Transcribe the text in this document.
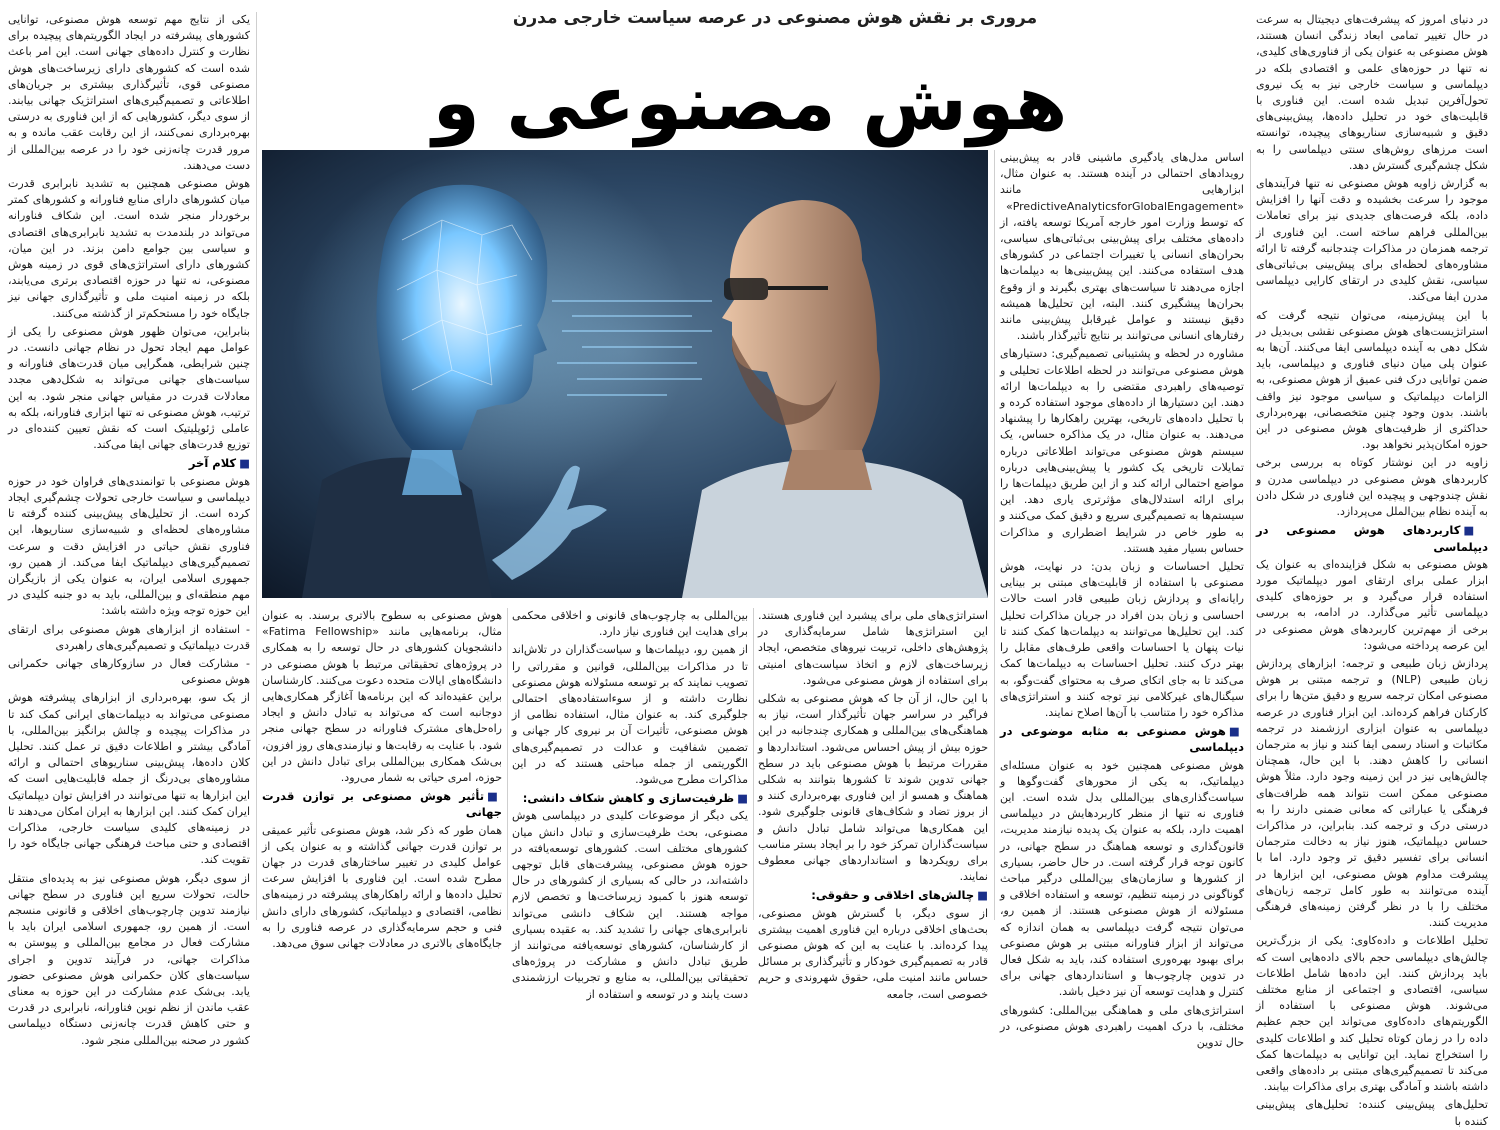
مروری بر نقش هوش مصنوعی در عرصه سیاست خارجی مدرن
هوش مصنوعی و

در دنیای امروز که پیشرفت‌های دیجیتال به سرعت در حال تغییر تمامی ابعاد زندگی انسان هستند، هوش مصنوعی به عنوان یکی از فناوری‌های کلیدی، نه تنها در حوزه‌های علمی و اقتصادی بلکه در دیپلماسی و سیاست خارجی نیز به یک نیروی تحول‌آفرین تبدیل شده است. این فناوری با قابلیت‌های خود در تحلیل داده‌ها، پیش‌بینی‌های دقیق و شبیه‌سازی سناریوهای پیچیده، توانسته است مرزهای روش‌های سنتی دیپلماسی را به شکل چشم‌گیری گسترش دهد.

به گزارش زاویه هوش مصنوعی نه تنها فرآیندهای موجود را سرعت بخشیده و دقت آنها را افزایش داده، بلکه فرصت‌های جدیدی نیز برای تعاملات بین‌المللی فراهم ساخته است. این فناوری از ترجمه همزمان در مذاکرات چندجانبه گرفته تا ارائه مشاوره‌های لحظه‌ای برای پیش‌بینی بی‌ثباتی‌های سیاسی، نقش کلیدی در ارتقای کارایی دیپلماسی مدرن ایفا می‌کند.

با این پیش‌زمینه، می‌توان نتیجه گرفت که استراتژیست‌های هوش مصنوعی نقشی بی‌بدیل در شکل دهی به آینده دیپلماسی ایفا می‌کنند. آن‌ها به عنوان پلی میان دنیای فناوری و دیپلماسی، باید ضمن توانایی درک فنی عمیق از هوش مصنوعی، به الزامات دیپلماتیک و سیاسی موجود نیز واقف باشند. بدون وجود چنین متخصصانی، بهره‌برداری حداکثری از ظرفیت‌های هوش مصنوعی در این حوزه امکان‌پذیر نخواهد بود.

زاویه در این نوشتار کوتاه به بررسی برخی کاربردهای هوش مصنوعی در دیپلماسی مدرن و نقش چندوجهی و پیچیده این فناوری در شکل دادن به آینده نظام بین‌الملل می‌پردازد.

■کاربردهای هوش مصنوعی در دیپلماسی

هوش مصنوعی به شکل فزاینده‌ای به عنوان یک ابزار عملی برای ارتقای امور دیپلماتیک مورد استفاده قرار می‌گیرد و بر حوزه‌های کلیدی دیپلماسی تأثیر می‌گذارد. در ادامه، به بررسی برخی از مهم‌ترین کاربردهای هوش مصنوعی در این عرصه پرداخته می‌شود:

پردازش زبان طبیعی و ترجمه: ابزارهای پردازش زبان طبیعی (NLP) و ترجمه مبتنی بر هوش مصنوعی امکان ترجمه سریع و دقیق متن‌ها را برای کارکنان فراهم کرده‌اند. این ابزار فناوری در عرصه دیپلماسی به عنوان ابزاری ارزشمند در ترجمه مکاتبات و اسناد رسمی ایفا کنند و نیاز به مترجمان انسانی را کاهش دهند. با این حال، همچنان چالش‌هایی نیز در این زمینه وجود دارد. مثلاً هوش مصنوعی ممکن است نتواند همه ظرافت‌های فرهنگی یا عباراتی که معانی ضمنی دارند را به درستی درک و ترجمه کند. بنابراین، در مذاکرات حساس دیپلماتیک، هنوز نیاز به دخالت مترجمان انسانی برای تفسیر دقیق تر وجود دارد. اما با پیشرفت مداوم هوش مصنوعی، این ابزارها در آینده می‌توانند به طور کامل ترجمه زبان‌های مختلف را با در نظر گرفتن زمینه‌های فرهنگی مدیریت کنند.

تحلیل اطلاعات و داده‌کاوی: یکی از بزرگ‌ترین چالش‌های دیپلماسی حجم بالای داده‌هایی است که باید پردازش کنند. این داده‌ها شامل اطلاعات سیاسی، اقتصادی و اجتماعی از منابع مختلف می‌شوند. هوش مصنوعی با استفاده از الگوریتم‌های داده‌کاوی می‌تواند این حجم عظیم داده را در زمان کوتاه تحلیل کند و اطلاعات کلیدی را استخراج نماید. این توانایی به دیپلمات‌ها کمک می‌کند تا تصمیم‌گیری‌های مبتنی بر داده‌های واقعی داشته باشند و آمادگی بهتری برای مذاکرات بیابند.

تحلیل‌های پیش‌بینی کننده: تحلیل‌های پیش‌بینی کننده با

اساس مدل‌های یادگیری ماشینی قادر به پیش‌بینی رویدادهای احتمالی در آینده هستند. به عنوان مثال، ابزارهایی مانند «PredictiveAnalyticsforGlobalEngagement» که توسط وزارت امور خارجه آمریکا توسعه یافته، از داده‌های مختلف برای پیش‌بینی بی‌ثباتی‌های سیاسی، بحران‌های انسانی یا تغییرات اجتماعی در کشورهای هدف استفاده می‌کنند. این پیش‌بینی‌ها به دیپلمات‌ها اجازه می‌دهند تا سیاست‌های بهتری بگیرند و از وقوع بحران‌ها پیشگیری کنند. البته، این تحلیل‌ها همیشه دقیق نیستند و عوامل غیرقابل پیش‌بینی مانند رفتارهای انسانی می‌توانند بر نتایج تأثیرگذار باشند.

مشاوره در لحظه و پشتیبانی تصمیم‌گیری: دستیارهای هوش مصنوعی می‌توانند در لحظه اطلاعات تحلیلی و توصیه‌های راهبردی مقتضی را به دیپلمات‌ها ارائه دهند. این دستیارها از داده‌های موجود استفاده کرده و با تحلیل داده‌های تاریخی، بهترین راهکارها را پیشنهاد می‌دهند. به عنوان مثال، در یک مذاکره حساس، یک سیستم هوش مصنوعی می‌تواند اطلاعاتی درباره تمایلات تاریخی یک کشور یا پیش‌بینی‌هایی درباره مواضع احتمالی ارائه کند و از این طریق دیپلمات‌ها را برای ارائه استدلال‌های مؤثرتری یاری دهد. این سیستم‌ها به تصمیم‌گیری سریع و دقیق کمک می‌کنند و به طور خاص در شرایط اضطراری و مذاکرات حساس بسیار مفید هستند.

تحلیل احساسات و زبان بدن: در نهایت، هوش مصنوعی با استفاده از قابلیت‌های مبتنی بر بینایی رایانه‌ای و پردازش زبان طبیعی قادر است حالات احساسی و زبان بدن افراد در جریان مذاکرات تحلیل کند. این تحلیل‌ها می‌توانند به دیپلمات‌ها کمک کنند تا نیات پنهان یا احساسات واقعی طرف‌های مقابل را بهتر درک کنند. تحلیل احساسات به دیپلمات‌ها کمک می‌کند تا به جای اتکای صرف به محتوای گفت‌وگو، به سیگنال‌های غیرکلامی نیز توجه کنند و استراتژی‌های مذاکره خود را متناسب با آن‌ها اصلاح نمایند.

■هوش مصنوعی به مثابه موضوعی در دیپلماسی

هوش مصنوعی همچنین خود به عنوان مسئله‌ای دیپلماتیک، به یکی از محورهای گفت‌وگوها و سیاست‌گذاری‌های بین‌المللی بدل شده است. این فناوری نه تنها از منظر کاربردهایش در دیپلماسی اهمیت دارد، بلکه به عنوان یک پدیده نیازمند مدیریت، قانون‌گذاری و توسعه هماهنگ در سطح جهانی، در کانون توجه قرار گرفته است. در حال حاضر، بسیاری از کشورها و سازمان‌های بین‌المللی درگیر مباحث گوناگونی در زمینه تنظیم، توسعه و استفاده اخلاقی و مسئولانه از هوش مصنوعی هستند. از همین رو، می‌توان نتیجه گرفت دیپلماسی به همان اندازه که می‌تواند از ابزار فناورانه مبتنی بر هوش مصنوعی برای بهبود بهره‌وری استفاده کند، باید به شکل فعال در تدوین چارچوب‌ها و استانداردهای جهانی برای کنترل و هدایت توسعه آن نیز دخیل باشد.

استراتژی‌های ملی و هماهنگی بین‌المللی: کشورهای مختلف، با درک اهمیت راهبردی هوش مصنوعی، در حال تدوین

استراتژی‌های ملی برای پیشبرد این فناوری هستند. این استراتژی‌ها شامل سرمایه‌گذاری در پژوهش‌های داخلی، تربیت نیروهای متخصص، ایجاد زیرساخت‌های لازم و اتخاذ سیاست‌های امنیتی برای استفاده از هوش مصنوعی می‌شود.

با این حال، از آن جا که هوش مصنوعی به شکلی فراگیر در سراسر جهان تأثیرگذار است، نیاز به هماهنگی‌های بین‌المللی و همکاری چندجانبه در این حوزه بیش از پیش احساس می‌شود. استانداردها و مقررات مرتبط با هوش مصنوعی باید در سطح جهانی تدوین شوند تا کشورها بتوانند به شکلی هماهنگ و همسو از این فناوری بهره‌برداری کنند و از بروز تضاد و شکاف‌های قانونی جلوگیری شود. این همکاری‌ها می‌تواند شامل تبادل دانش و سیاست‌گذاران تمرکز خود را بر ایجاد بستر مناسب برای رویکردها و استانداردهای جهانی معطوف نمایند.

■چالش‌های اخلاقی و حقوقی:

از سوی دیگر، با گسترش هوش مصنوعی، بحث‌های اخلاقی درباره این فناوری اهمیت بیشتری پیدا کرده‌اند. با عنایت به این که هوش مصنوعی قادر به تصمیم‌گیری خودکار و تأثیرگذاری بر مسائل حساس مانند امنیت ملی، حقوق شهروندی و حریم خصوصی است، جامعه

بین‌المللی به چارچوب‌های قانونی و اخلاقی محکمی برای هدایت این فناوری نیاز دارد.

از همین رو، دیپلمات‌ها و سیاست‌گذاران در تلاش‌اند تا در مذاکرات بین‌المللی، قوانین و مقرراتی را تصویب نمایند که بر توسعه مسئولانه هوش مصنوعی نظارت داشته و از سوءاستفاده‌های احتمالی جلوگیری کند. به عنوان مثال، استفاده نظامی از هوش مصنوعی، تأثیرات آن بر نیروی کار جهانی و تضمین شفافیت و عدالت در تصمیم‌گیری‌های الگوریتمی از جمله مباحثی هستند که در این مذاکرات مطرح می‌شود.

■ظرفیت‌سازی و کاهش شکاف دانشی:

یکی دیگر از موضوعات کلیدی در دیپلماسی هوش مصنوعی، بحث ظرفیت‌سازی و تبادل دانش میان کشورهای مختلف است. کشورهای توسعه‌یافته در حوزه هوش مصنوعی، پیشرفت‌های قابل توجهی داشته‌اند، در حالی که بسیاری از کشورهای در حال توسعه هنوز با کمبود زیرساخت‌ها و تخصص لازم مواجه هستند. این شکاف دانشی می‌تواند نابرابری‌های جهانی را تشدید کند. به عقیده بسیاری از کارشناسان، کشورهای توسعه‌یافته می‌توانند از طریق تبادل دانش و مشارکت در پروژه‌های تحقیقاتی بین‌المللی، به منابع و تجربیات ارزشمندی دست یابند و در توسعه و استفاده از

هوش مصنوعی به سطوح بالاتری برسند. به عنوان مثال، برنامه‌هایی مانند «Fatima Fellowship» دانشجویان کشورهای در حال توسعه را به همکاری در پروژه‌های تحقیقاتی مرتبط با هوش مصنوعی در دانشگاه‌های ایالات متحده دعوت می‌کنند. کارشناسان براین عقیده‌اند که این برنامه‌ها آغازگر همکاری‌هایی دوجانبه است که می‌تواند به تبادل دانش و ایجاد راه‌حل‌های مشترک فناورانه در سطح جهانی منجر شود. با عنایت به رقابت‌ها و نیازمندی‌های روز افزون، بی‌شک همکاری بین‌المللی برای تبادل دانش در این حوزه، امری حیاتی به شمار می‌رود.

■تأثیر هوش مصنوعی بر توازن قدرت جهانی

همان طور که ذکر شد، هوش مصنوعی تأثیر عمیقی بر توازن قدرت جهانی گذاشته و به عنوان یکی از عوامل کلیدی در تغییر ساختارهای قدرت در جهان مطرح شده است. این فناوری با افزایش سرعت تحلیل داده‌ها و ارائه راهکارهای پیشرفته در زمینه‌های نظامی، اقتصادی و دیپلماتیک، کشورهای دارای دانش فنی و حجم سرمایه‌گذاری در عرصه فناوری را به جایگاه‌های بالاتری در معادلات جهانی سوق می‌دهد.

یکی از نتایج مهم توسعه هوش مصنوعی، توانایی کشورهای پیشرفته در ایجاد الگوریتم‌های پیچیده برای نظارت و کنترل داده‌های جهانی است. این امر باعث شده است که کشورهای دارای زیرساخت‌های هوش مصنوعی قوی، تأثیرگذاری بیشتری بر جریان‌های اطلاعاتی و تصمیم‌گیری‌های استراتژیک جهانی بیابند. از سوی دیگر، کشورهایی که از این فناوری به درستی بهره‌برداری نمی‌کنند، از این رقابت عقب مانده و به مرور قدرت چانه‌زنی خود را در عرصه بین‌المللی از دست می‌دهند.

هوش مصنوعی همچنین به تشدید نابرابری قدرت میان کشورهای دارای منابع فناورانه و کشورهای کمتر برخوردار منجر شده است. این شکاف فناورانه می‌تواند در بلندمدت به تشدید نابرابری‌های اقتصادی و سیاسی بین جوامع دامن بزند. در این میان، کشورهای دارای استراتژی‌های قوی در زمینه هوش مصنوعی، نه تنها در حوزه اقتصادی برتری می‌یابند، بلکه در زمینه امنیت ملی و تأثیرگذاری جهانی نیز جایگاه خود را مستحکم‌تر از گذشته می‌کنند.

بنابراین، می‌توان ظهور هوش مصنوعی را یکی از عوامل مهم ایجاد تحول در نظام جهانی دانست. در چنین شرایطی، همگرایی میان قدرت‌های فناورانه و سیاست‌های جهانی می‌تواند به شکل‌دهی مجدد معادلات قدرت در مقیاس جهانی منجر شود. به این ترتیب، هوش مصنوعی نه تنها ابزاری فناورانه، بلکه به عاملی ژئوپلیتیک است که نقش تعیین کننده‌ای در توزیع قدرت‌های جهانی ایفا می‌کند.

■کلام آخر

هوش مصنوعی با توانمندی‌های فراوان خود در حوزه دیپلماسی و سیاست خارجی تحولات چشم‌گیری ایجاد کرده است. از تحلیل‌های پیش‌بینی کننده گرفته تا مشاوره‌های لحظه‌ای و شبیه‌سازی سناریوها، این فناوری نقش حیاتی در افزایش دقت و سرعت تصمیم‌گیری‌های دیپلماتیک ایفا می‌کند. از همین رو، جمهوری اسلامی ایران، به عنوان یکی از بازیگران مهم منطقه‌ای و بین‌المللی، باید به دو جنبه کلیدی در این حوزه توجه ویژه داشته باشد:

- استفاده از ابزارهای هوش مصنوعی برای ارتقای قدرت دیپلماتیک و تصمیم‌گیری‌های راهبردی

- مشارکت فعال در سازوکارهای جهانی حکمرانی هوش مصنوعی

از یک سو، بهره‌برداری از ابزارهای پیشرفته هوش مصنوعی می‌تواند به دیپلمات‌های ایرانی کمک کند تا در مذاکرات پیچیده و چالش برانگیز بین‌المللی، با آمادگی بیشتر و اطلاعات دقیق تر عمل کنند. تحلیل کلان داده‌ها، پیش‌بینی سناریوهای احتمالی و ارائه مشاوره‌های بی‌درنگ از جمله قابلیت‌هایی است که این ابزارها به تنها می‌توانند در افزایش توان دیپلماتیک ایران کمک کنند. این ابزارها به ایران امکان می‌دهند تا در زمینه‌های کلیدی سیاست خارجی، مذاکرات اقتصادی و حتی مباحث فرهنگی جهانی جایگاه خود را تقویت کند.

از سوی دیگر، هوش مصنوعی نیز به پدیده‌ای منتقل حالت، تحولات سریع این فناوری در سطح جهانی نیازمند تدوین چارچوب‌های اخلاقی و قانونی منسجم است. از همین رو، جمهوری اسلامی ایران باید با مشارکت فعال در مجامع بین‌المللی و پیوستن به مذاکرات جهانی، در فرآیند تدوین و اجرای سیاست‌های کلان حکمرانی هوش مصنوعی حضور یابد. بی‌شک عدم مشارکت در این حوزه به معنای عقب ماندن از نظم نوین فناورانه، نابرابری در قدرت و حتی کاهش قدرت چانه‌زنی دستگاه دیپلماسی کشور در صحنه بین‌المللی منجر شود.
